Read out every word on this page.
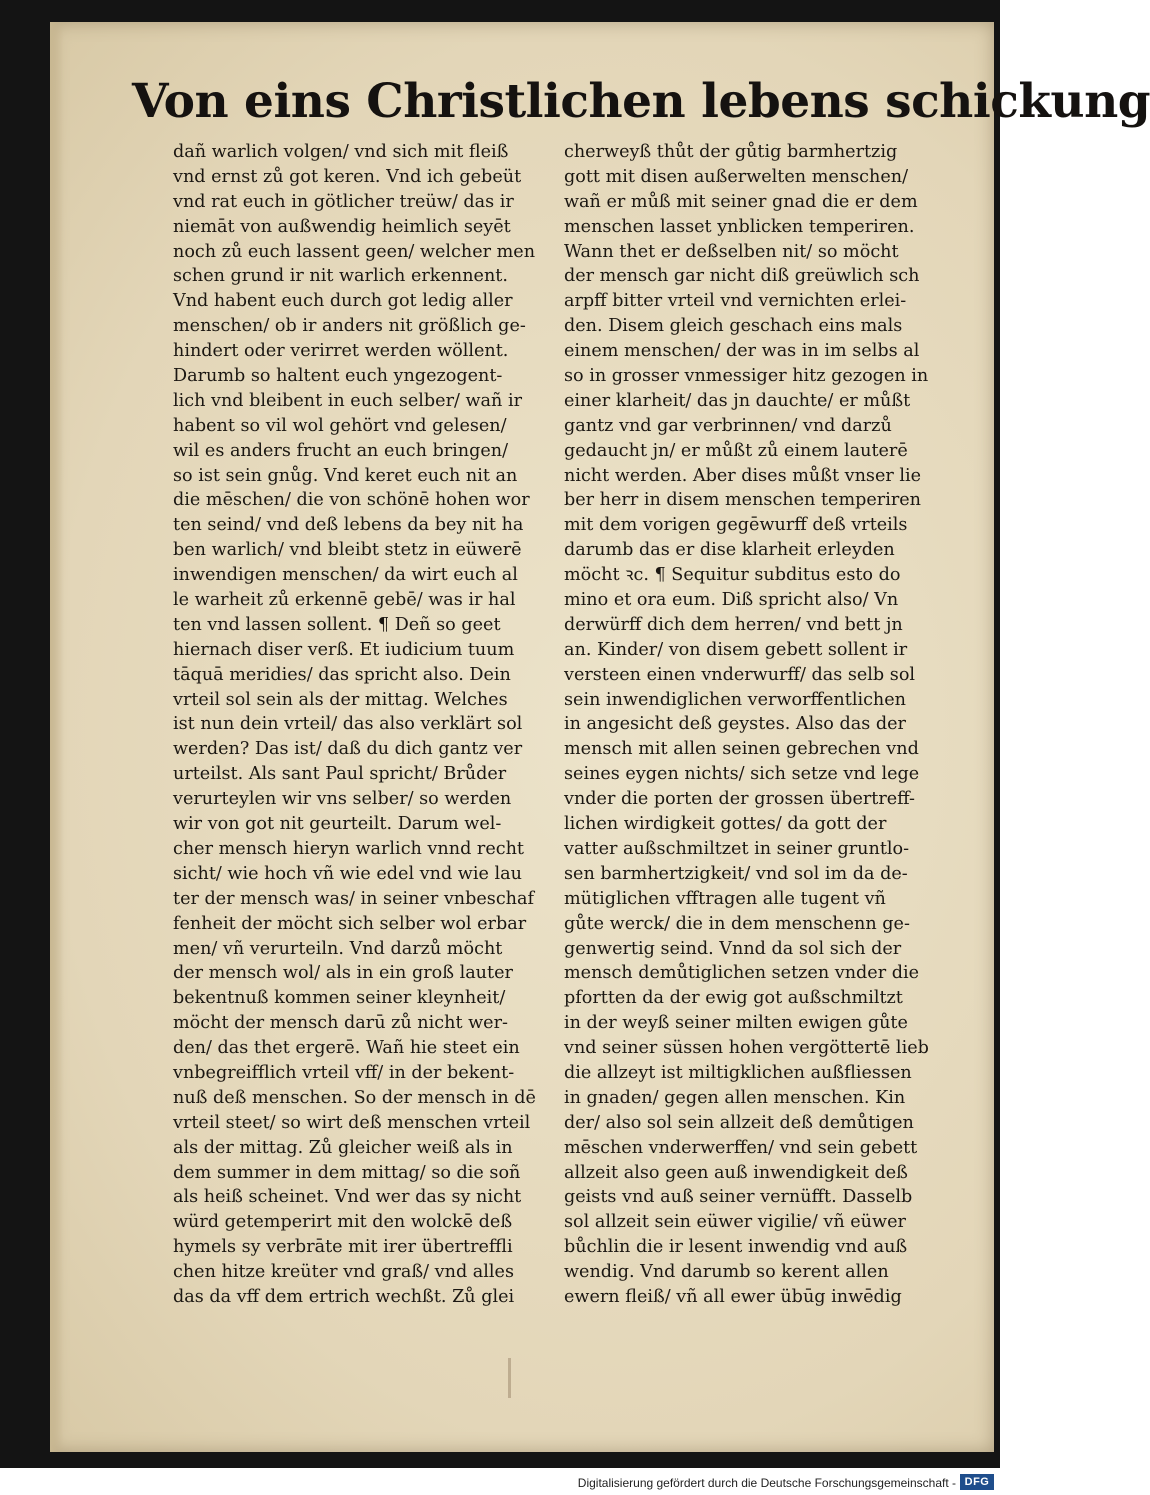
Von eins Christlichen lebens schickung
dañ warlich volgen/ vnd sich mit fleiß
vnd ernst zů got keren. Vnd ich gebeüt
vnd rat euch in götlicher treüw/ das ir
niemāt von außwendig heimlich seyēt
noch zů euch lassent geen/ welcher men
schen grund ir nit warlich erkennent.
Vnd habent euch durch got ledig aller
menschen/ ob ir anders nit größlich ge-
hindert oder verirret werden wöllent.
Darumb so haltent euch yngezogent-
lich vnd bleibent in euch selber/ wañ ir
habent so vil wol gehört vnd gelesen/
wil es anders frucht an euch bringen/
so ist sein gnůg. Vnd keret euch nit an
die mēschen/ die von schönē hohen wor
ten seind/ vnd deß lebens da bey nit ha
ben warlich/ vnd bleibt stetz in eüwerē
inwendigen menschen/ da wirt euch al
le warheit zů erkennē gebē/ was ir hal
ten vnd lassen sollent. ¶ Deñ so geet
hiernach diser verß. Et iudicium tuum
tāquā meridies/ das spricht also. Dein
vrteil sol sein als der mittag. Welches
ist nun dein vrteil/ das also verklärt sol
werden? Das ist/ daß du dich gantz ver
urteilst. Als sant Paul spricht/ Brůder
verurteylen wir vns selber/ so werden
wir von got nit geurteilt. Darum wel-
cher mensch hieryn warlich vnnd recht
sicht/ wie hoch vñ wie edel vnd wie lau
ter der mensch was/ in seiner vnbeschaf
fenheit der möcht sich selber wol erbar
men/ vñ verurteiln. Vnd darzů möcht
der mensch wol/ als in ein groß lauter
bekentnuß kommen seiner kleynheit/
möcht der mensch darū zů nicht wer-
den/ das thet ergerē. Wañ hie steet ein
vnbegreifflich vrteil vff/ in der bekent-
nuß deß menschen. So der mensch in dē
vrteil steet/ so wirt deß menschen vrteil
als der mittag. Zů gleicher weiß als in
dem summer in dem mittag/ so die soñ
als heiß scheinet. Vnd wer das sy nicht
würd getemperirt mit den wolckē deß
hymels sy verbrāte mit irer übertreffli
chen hitze kreüter vnd graß/ vnd alles
das da vff dem ertrich wechßt. Zů glei
cherweyß thůt der gůtig barmhertzig
gott mit disen außerwelten menschen/
wañ er můß mit seiner gnad die er dem
menschen lasset ynblicken temperiren.
Wann thet er deßselben nit/ so möcht
der mensch gar nicht diß greüwlich sch
arpff bitter vrteil vnd vernichten erlei-
den. Disem gleich geschach eins mals
einem menschen/ der was in im selbs al
so in grosser vnmessiger hitz gezogen in
einer klarheit/ das jn dauchte/ er můßt
gantz vnd gar verbrinnen/ vnd darzů
gedaucht jn/ er můßt zů einem lauterē
nicht werden. Aber dises můßt vnser lie
ber herr in disem menschen temperiren
mit dem vorigen gegēwurff deß vrteils
darumb das er dise klarheit erleyden
möcht ꝛc. ¶ Sequitur subditus esto do
mino et ora eum. Diß spricht also/ Vn
derwürff dich dem herren/ vnd bett jn
an. Kinder/ von disem gebett sollent ir
versteen einen vnderwurff/ das selb sol
sein inwendiglichen verworffentlichen
in angesicht deß geystes. Also das der
mensch mit allen seinen gebrechen vnd
seines eygen nichts/ sich setze vnd lege
vnder die porten der grossen übertreff-
lichen wirdigkeit gottes/ da gott der
vatter außschmiltzet in seiner gruntlo-
sen barmhertzigkeit/ vnd sol im da de-
mütiglichen vfftragen alle tugent vñ
gůte werck/ die in dem menschenn ge-
genwertig seind. Vnnd da sol sich der
mensch demůtiglichen setzen vnder die
pfortten da der ewig got außschmiltzt
in der weyß seiner milten ewigen gůte
vnd seiner süssen hohen vergöttertē lieb
die allzeyt ist miltigklichen außfliessen
in gnaden/ gegen allen menschen. Kin
der/ also sol sein allzeit deß demůtigen
mēschen vnderwerffen/ vnd sein gebett
allzeit also geen auß inwendigkeit deß
geists vnd auß seiner vernüfft. Dasselb
sol allzeit sein eüwer vigilie/ vñ eüwer
bůchlin die ir lesent inwendig vnd auß
wendig. Vnd darumb so kerent allen
ewern fleiß/ vñ all ewer übūg inwēdig
Digitalisierung gefördert durch die Deutsche Forschungsgemeinschaft - DFG
